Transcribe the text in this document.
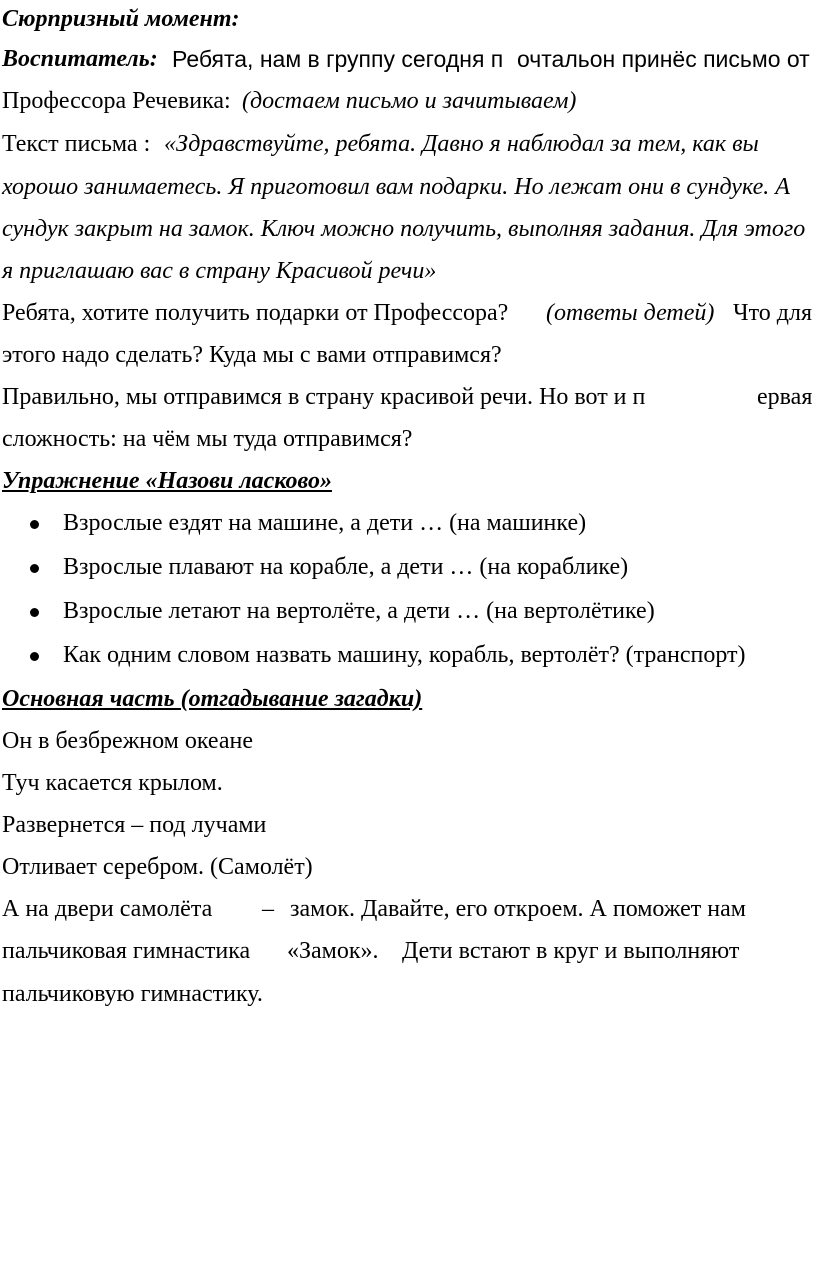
Сюрпризный момент:
Воспитатель: Ребята, нам в группу сегодня п очтальон принёс письмо от
Профессора Речевика: (достаем письмо и зачитываем)
Текст письма : «Здравствуйте, ребята. Давно я наблюдал за тем, как вы
хорошо занимаетесь. Я приготовил вам подарки. Но лежат они в сундуке. А
сундук закрыт на замок. Ключ можно получить, выполняя задания. Для этого
я приглашаю вас в страну Красивой речи»
Ребята, хотите получить подарки от Профессора? (ответы детей) Что для
этого надо сделать? Куда мы с вами отправимся?
Правильно, мы отправимся в страну красивой речи. Но вот и п	ервая
сложность: на чём мы туда отправимся?
Упражнение «Назови ласково»
Взрослые ездят на машине, а дети … (на машинке)
Взрослые плавают на корабле, а дети … (на кораблике)
Взрослые летают на вертолёте, а дети … (на вертолётике)
Как одним словом назвать машину, корабль, вертолёт? (транспорт)
Основная часть (отгадывание загадки)
Он в безбрежном океане
Туч касается крылом.
Развернется – под лучами
Отливает серебром. (Самолёт)
А на двери самолёта – замок. Давайте, его откроем. А поможет нам
пальчиковая гимнастика «Замок». Дети встают в круг и выполняют
пальчиковую гимнастику.
